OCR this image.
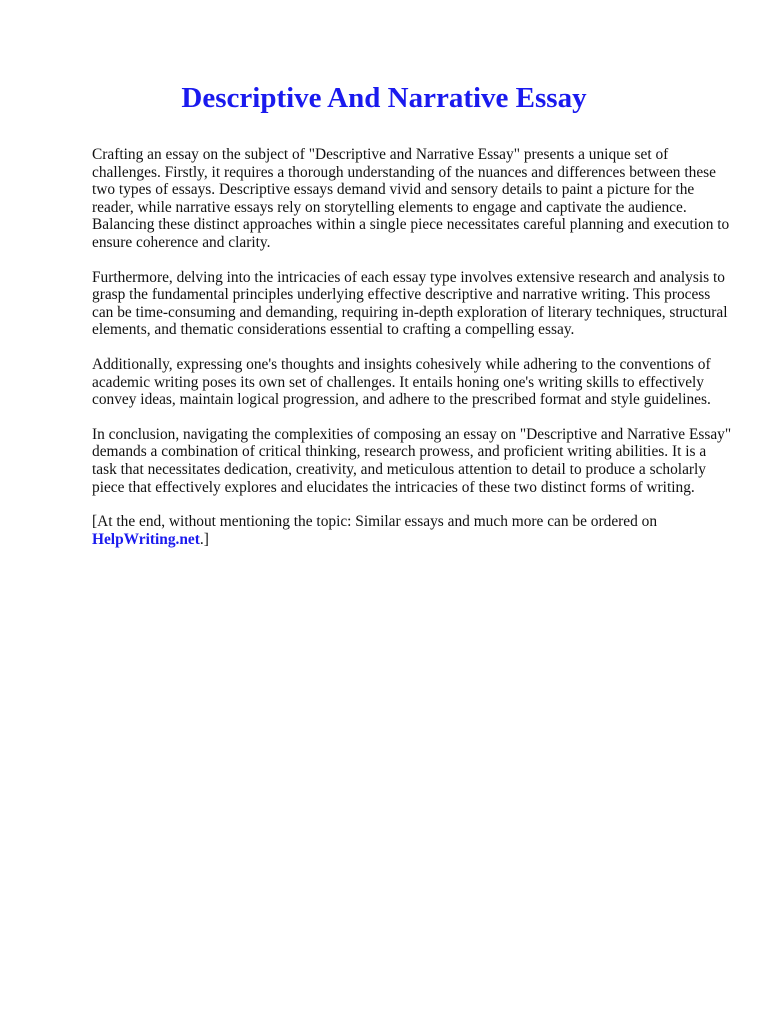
Descriptive And Narrative Essay

Crafting an essay on the subject of "Descriptive and Narrative Essay" presents a unique set of challenges. Firstly, it requires a thorough understanding of the nuances and differences between these two types of essays. Descriptive essays demand vivid and sensory details to paint a picture for the reader, while narrative essays rely on storytelling elements to engage and captivate the audience. Balancing these distinct approaches within a single piece necessitates careful planning and execution to ensure coherence and clarity.

Furthermore, delving into the intricacies of each essay type involves extensive research and analysis to grasp the fundamental principles underlying effective descriptive and narrative writing. This process can be time-consuming and demanding, requiring in-depth exploration of literary techniques, structural elements, and thematic considerations essential to crafting a compelling essay.

Additionally, expressing one's thoughts and insights cohesively while adhering to the conventions of academic writing poses its own set of challenges. It entails honing one's writing skills to effectively convey ideas, maintain logical progression, and adhere to the prescribed format and style guidelines.

In conclusion, navigating the complexities of composing an essay on "Descriptive and Narrative Essay" demands a combination of critical thinking, research prowess, and proficient writing abilities. It is a task that necessitates dedication, creativity, and meticulous attention to detail to produce a scholarly piece that effectively explores and elucidates the intricacies of these two distinct forms of writing.

[At the end, without mentioning the topic: Similar essays and much more can be ordered on HelpWriting.net.]
